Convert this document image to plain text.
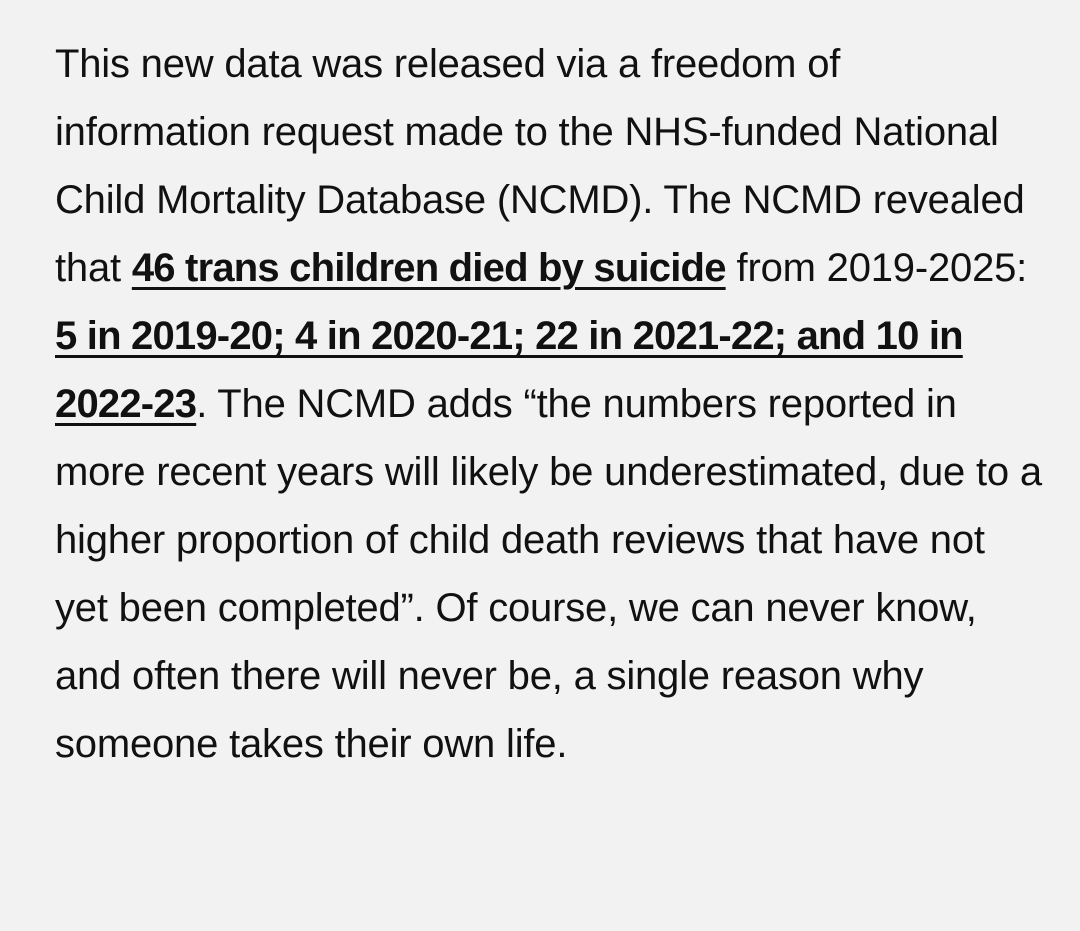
This new data was released via a freedom of information request made to the NHS-funded National Child Mortality Database (NCMD). The NCMD revealed that 46 trans children died by suicide from 2019-2025: 5 in 2019-20; 4 in 2020-21; 22 in 2021-22; and 10 in 2022-23. The NCMD adds “the numbers reported in more recent years will likely be underestimated, due to a higher proportion of child death reviews that have not yet been completed”. Of course, we can never know, and often there will never be, a single reason why someone takes their own life.
